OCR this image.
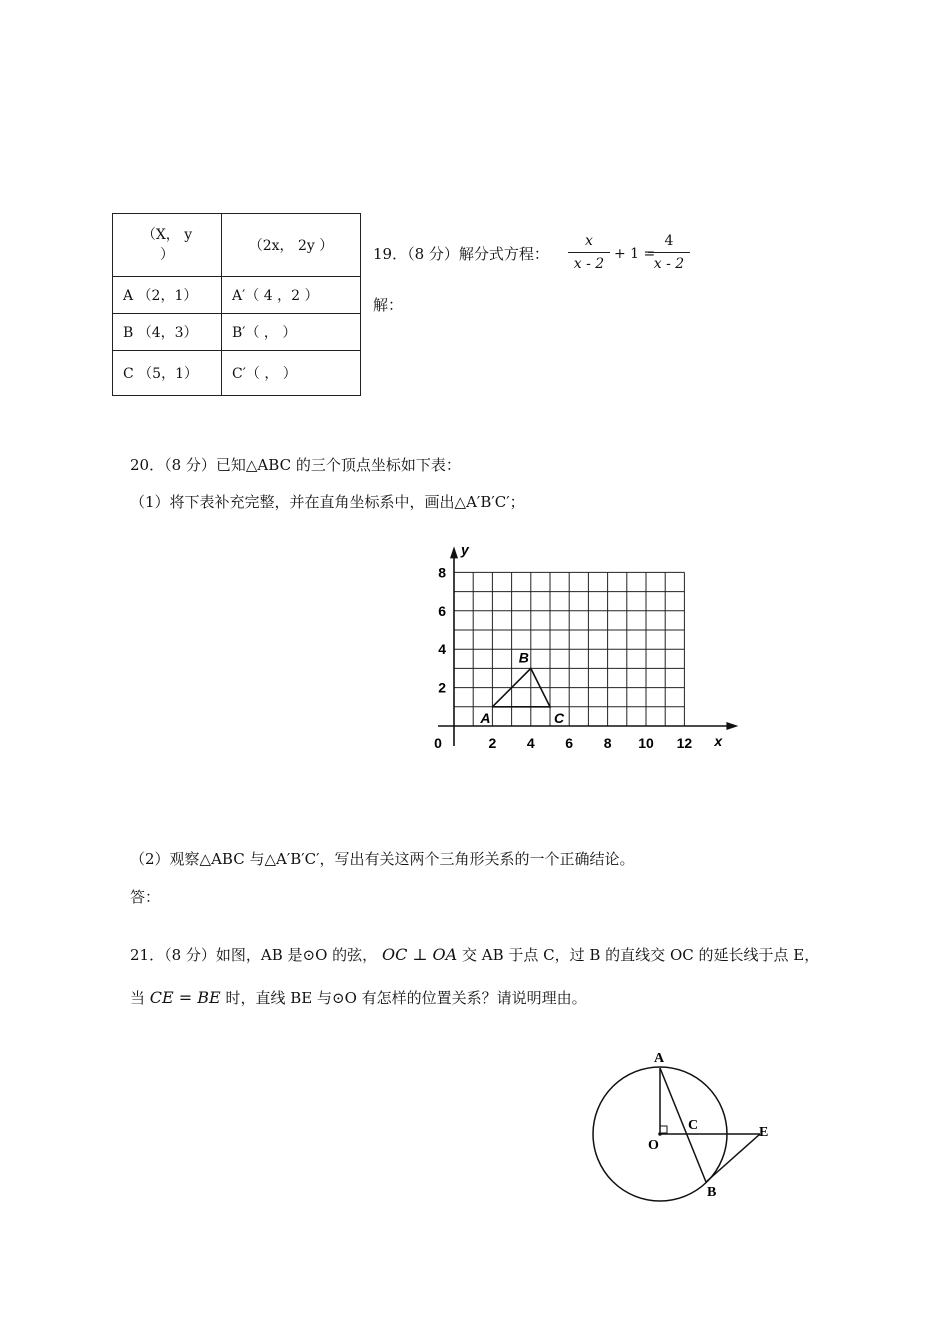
（X， y
）	（2x， 2y ）
A （2，1）	A′（ 4 ，2 ）
B （4，3）	B′（ ， ）
C （5，1）	C′（ ， ）
19．（8 分）解分式方程： $\frac{x}{x - 2} + 1$ =
$\frac{4}{x - 2}$
解：
20．（8 分）已知△ABC 的三个顶点坐标如下表：
（1）将下表补充完整，并在直角坐标系中，画出△A′B′C′；
y
x
0	2 4 6 8 10 12
2
4
6
8
A
B
C
（2）观察△ABC 与△A′B′C′，写出有关这两个三角形关系的一个正确结论。
答：
21．（8 分）如图，AB 是⊙O 的弦， OC ⊥ OA 交 AB 于点 C，过 B 的直线交 OC 的延长线于点 E，
当 CE = BE 时，直线 BE 与⊙O 有怎样的位置关系？请说明理由。
A
O
C	E
B
